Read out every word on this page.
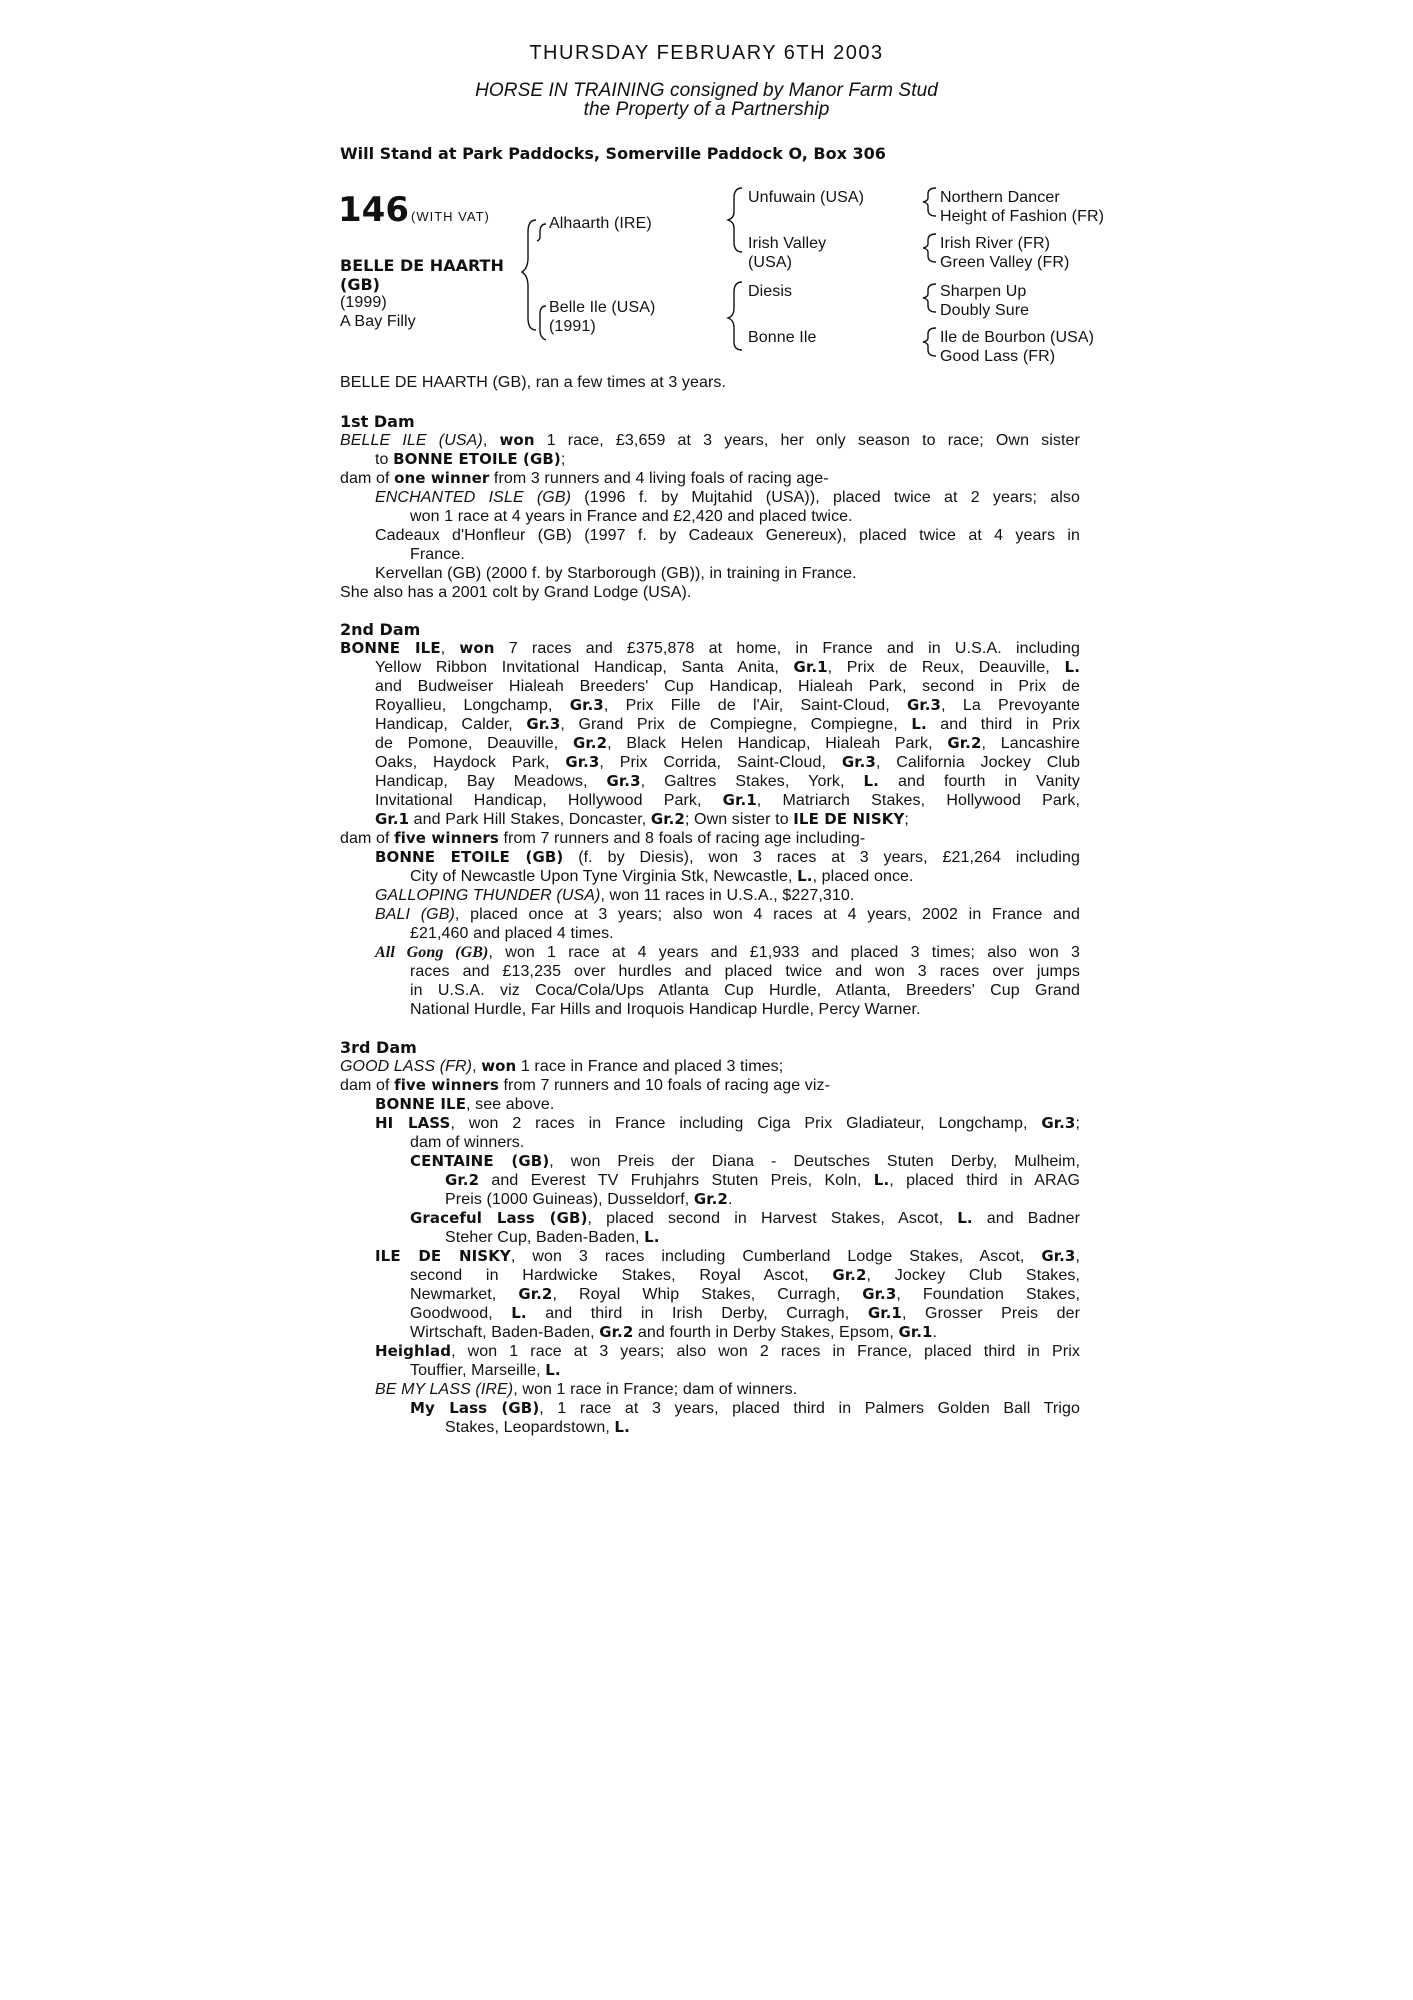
THURSDAY FEBRUARY 6TH 2003
HORSE IN TRAINING consigned by Manor Farm Stud
the Property of a Partnership
Will Stand at Park Paddocks, Somerville Paddock O, Box 306
146 (WITH VAT)
BELLE DE HAARTH
(GB)
(1999)
A Bay Filly
Alhaarth (IRE)
Belle Ile (USA)
(1991)
Unfuwain (USA)
Irish Valley
(USA)
Diesis
Bonne Ile
Northern Dancer
Height of Fashion (FR)
Irish River (FR)
Green Valley (FR)
Sharpen Up
Doubly Sure
Ile de Bourbon (USA)
Good Lass (FR)
BELLE DE HAARTH (GB), ran a few times at 3 years.
1st Dam
BELLE ILE (USA), won 1 race, £3,659 at 3 years, her only season to race; Own sister
to BONNE ETOILE (GB);
dam of one winner from 3 runners and 4 living foals of racing age-
ENCHANTED ISLE (GB) (1996 f. by Mujtahid (USA)), placed twice at 2 years; also
won 1 race at 4 years in France and £2,420 and placed twice.
Cadeaux d'Honfleur (GB) (1997 f. by Cadeaux Genereux), placed twice at 4 years in
France.
Kervellan (GB) (2000 f. by Starborough (GB)), in training in France.
She also has a 2001 colt by Grand Lodge (USA).
2nd Dam
BONNE ILE, won 7 races and £375,878 at home, in France and in U.S.A. including
Yellow Ribbon Invitational Handicap, Santa Anita, Gr.1, Prix de Reux, Deauville, L.
and Budweiser Hialeah Breeders' Cup Handicap, Hialeah Park, second in Prix de
Royallieu, Longchamp, Gr.3, Prix Fille de l'Air, Saint-Cloud, Gr.3, La Prevoyante
Handicap, Calder, Gr.3, Grand Prix de Compiegne, Compiegne, L. and third in Prix
de Pomone, Deauville, Gr.2, Black Helen Handicap, Hialeah Park, Gr.2, Lancashire
Oaks, Haydock Park, Gr.3, Prix Corrida, Saint-Cloud, Gr.3, California Jockey Club
Handicap, Bay Meadows, Gr.3, Galtres Stakes, York, L. and fourth in Vanity
Invitational Handicap, Hollywood Park, Gr.1, Matriarch Stakes, Hollywood Park,
Gr.1 and Park Hill Stakes, Doncaster, Gr.2; Own sister to ILE DE NISKY;
dam of five winners from 7 runners and 8 foals of racing age including-
BONNE ETOILE (GB) (f. by Diesis), won 3 races at 3 years, £21,264 including
City of Newcastle Upon Tyne Virginia Stk, Newcastle, L., placed once.
GALLOPING THUNDER (USA), won 11 races in U.S.A., $227,310.
BALI (GB), placed once at 3 years; also won 4 races at 4 years, 2002 in France and
£21,460 and placed 4 times.
All Gong (GB), won 1 race at 4 years and £1,933 and placed 3 times; also won 3
races and £13,235 over hurdles and placed twice and won 3 races over jumps
in U.S.A. viz Coca/Cola/Ups Atlanta Cup Hurdle, Atlanta, Breeders' Cup Grand
National Hurdle, Far Hills and Iroquois Handicap Hurdle, Percy Warner.
3rd Dam
GOOD LASS (FR), won 1 race in France and placed 3 times;
dam of five winners from 7 runners and 10 foals of racing age viz-
BONNE ILE, see above.
HI LASS, won 2 races in France including Ciga Prix Gladiateur, Longchamp, Gr.3;
dam of winners.
CENTAINE (GB), won Preis der Diana - Deutsches Stuten Derby, Mulheim,
Gr.2 and Everest TV Fruhjahrs Stuten Preis, Koln, L., placed third in ARAG
Preis (1000 Guineas), Dusseldorf, Gr.2.
Graceful Lass (GB), placed second in Harvest Stakes, Ascot, L. and Badner
Steher Cup, Baden-Baden, L.
ILE DE NISKY, won 3 races including Cumberland Lodge Stakes, Ascot, Gr.3,
second in Hardwicke Stakes, Royal Ascot, Gr.2, Jockey Club Stakes,
Newmarket, Gr.2, Royal Whip Stakes, Curragh, Gr.3, Foundation Stakes,
Goodwood, L. and third in Irish Derby, Curragh, Gr.1, Grosser Preis der
Wirtschaft, Baden-Baden, Gr.2 and fourth in Derby Stakes, Epsom, Gr.1.
Heighlad, won 1 race at 3 years; also won 2 races in France, placed third in Prix
Touffier, Marseille, L.
BE MY LASS (IRE), won 1 race in France; dam of winners.
My Lass (GB), 1 race at 3 years, placed third in Palmers Golden Ball Trigo
Stakes, Leopardstown, L.
